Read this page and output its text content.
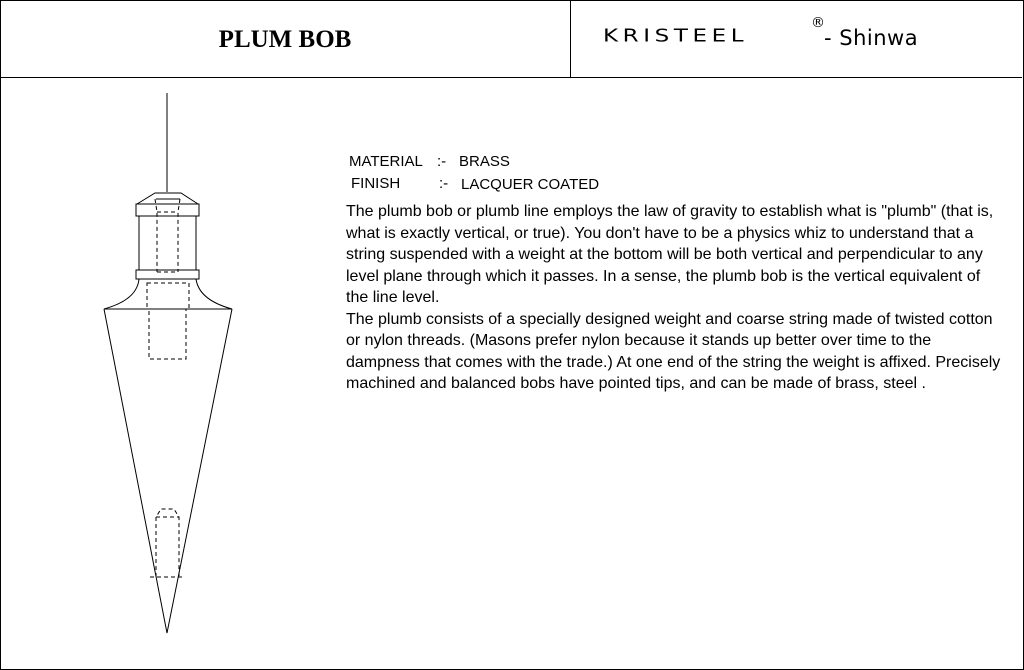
PLUM BOB	KRISTEEL
®
- Shinwa
MATERIAL :- BRASS
FINISH	:- LACQUER COATED

The plumb bob or plumb line employs the law of gravity to establish what is "plumb" (that is, what is exactly vertical, or true). You don't have to be a physics whiz to understand that a string suspended with a weight at the bottom will be both vertical and perpendicular to any level plane through which it passes. In a sense, the plumb bob is the vertical equivalent of the line level.

The plumb consists of a specially designed weight and coarse string made of twisted cotton or nylon threads. (Masons prefer nylon because it stands up better over time to the dampness that comes with the trade.) At one end of the string the weight is affixed. Precisely machined and balanced bobs have pointed tips, and can be made of brass, steel .
